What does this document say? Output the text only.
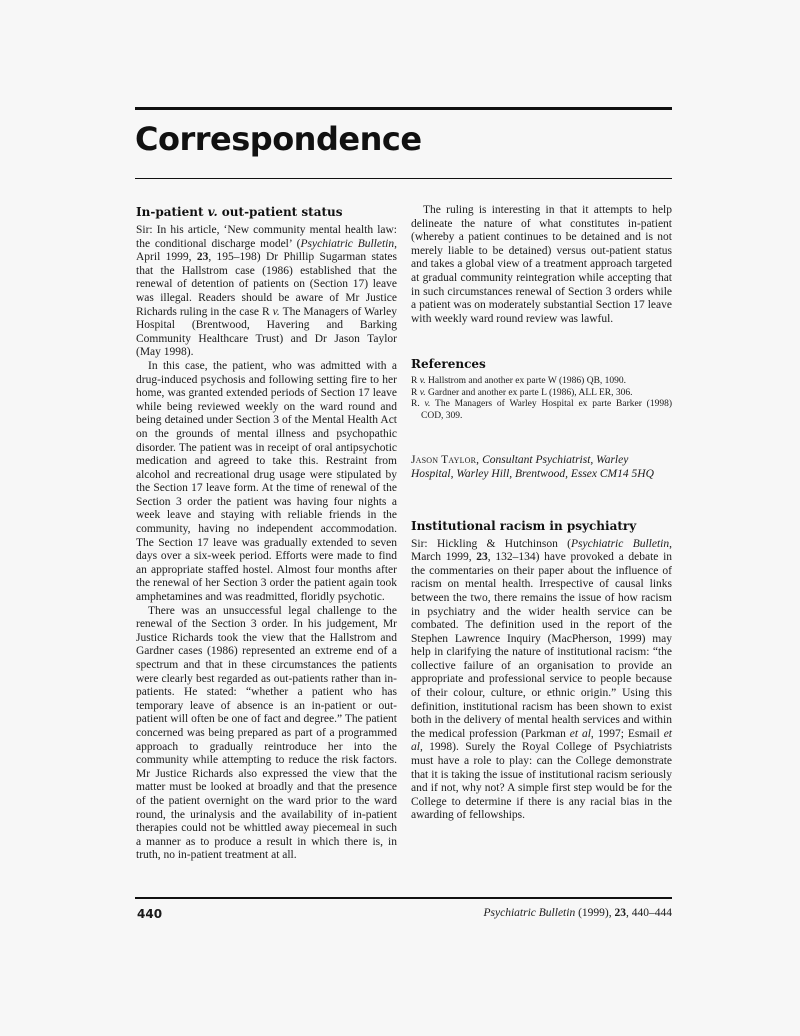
Correspondence
In-patient v. out-patient status

Sir: In his article, ‘New community mental health law: the conditional discharge model’ (Psychiatric Bulletin, April 1999, 23, 195–198) Dr Phillip Sugarman states that the Hallstrom case (1986) established that the renewal of detention of patients on (Section 17) leave was illegal. Readers should be aware of Mr Justice Richards ruling in the case R v. The Managers of Warley Hospital (Brentwood, Havering and Barking Community Healthcare Trust) and Dr Jason Taylor (May 1998).

In this case, the patient, who was admitted with a drug-induced psychosis and following setting fire to her home, was granted extended periods of Section 17 leave while being reviewed weekly on the ward round and being detained under Section 3 of the Mental Health Act on the grounds of mental illness and psychopathic disorder. The patient was in receipt of oral antipsychotic medication and agreed to take this. Restraint from alcohol and recreational drug usage were stipulated by the Section 17 leave form. At the time of renewal of the Section 3 order the patient was having four nights a week leave and staying with reliable friends in the community, having no independent accommodation. The Section 17 leave was gradually extended to seven days over a six-week period. Efforts were made to find an appropriate staffed hostel. Almost four months after the renewal of her Section 3 order the patient again took amphetamines and was readmitted, floridly psychotic.

There was an unsuccessful legal challenge to the renewal of the Section 3 order. In his judgement, Mr Justice Richards took the view that the Hallstrom and Gardner cases (1986) represented an extreme end of a spectrum and that in these circumstances the patients were clearly best regarded as out-patients rather than in-patients. He stated: “whether a patient who has temporary leave of absence is an in-patient or out-patient will often be one of fact and degree.” The patient concerned was being prepared as part of a programmed approach to gradually reintroduce her into the community while attempting to reduce the risk factors. Mr Justice Richards also expressed the view that the matter must be looked at broadly and that the presence of the patient overnight on the ward prior to the ward round, the urinalysis and the availability of in-patient therapies could not be whittled away piecemeal in such a manner as to produce a result in which there is, in truth, no in-patient treatment at all.

The ruling is interesting in that it attempts to help delineate the nature of what constitutes in-patient (whereby a patient continues to be detained and is not merely liable to be detained) versus out-patient status and takes a global view of a treatment approach targeted at gradual community reintegration while accepting that in such circumstances renewal of Section 3 orders while a patient was on moderately substantial Section 17 leave with weekly ward round review was lawful.

References

R v. Hallstrom and another ex parte W (1986) QB, 1090.

R v. Gardner and another ex parte L (1986), ALL ER, 306.

R. v. The Managers of Warley Hospital ex parte Barker (1998) COD, 309.

Jason Taylor, Consultant Psychiatrist, Warley Hospital, Warley Hill, Brentwood, Essex CM14 5HQ
Institutional racism in psychiatry

Sir: Hickling & Hutchinson (Psychiatric Bulletin, March 1999, 23, 132–134) have provoked a debate in the commentaries on their paper about the influence of racism on mental health. Irrespective of causal links between the two, there remains the issue of how racism in psychiatry and the wider health service can be combated. The definition used in the report of the Stephen Lawrence Inquiry (MacPherson, 1999) may help in clarifying the nature of institutional racism: “the collective failure of an organisation to provide an appropriate and professional service to people because of their colour, culture, or ethnic origin.” Using this definition, institutional racism has been shown to exist both in the delivery of mental health services and within the medical profession (Parkman et al, 1997; Esmail et al, 1998). Surely the Royal College of Psychiatrists must have a role to play: can the College demonstrate that it is taking the issue of institutional racism seriously and if not, why not? A simple first step would be for the College to determine if there is any racial bias in the awarding of fellowships.

440	Psychiatric Bulletin (1999), 23, 440–444
